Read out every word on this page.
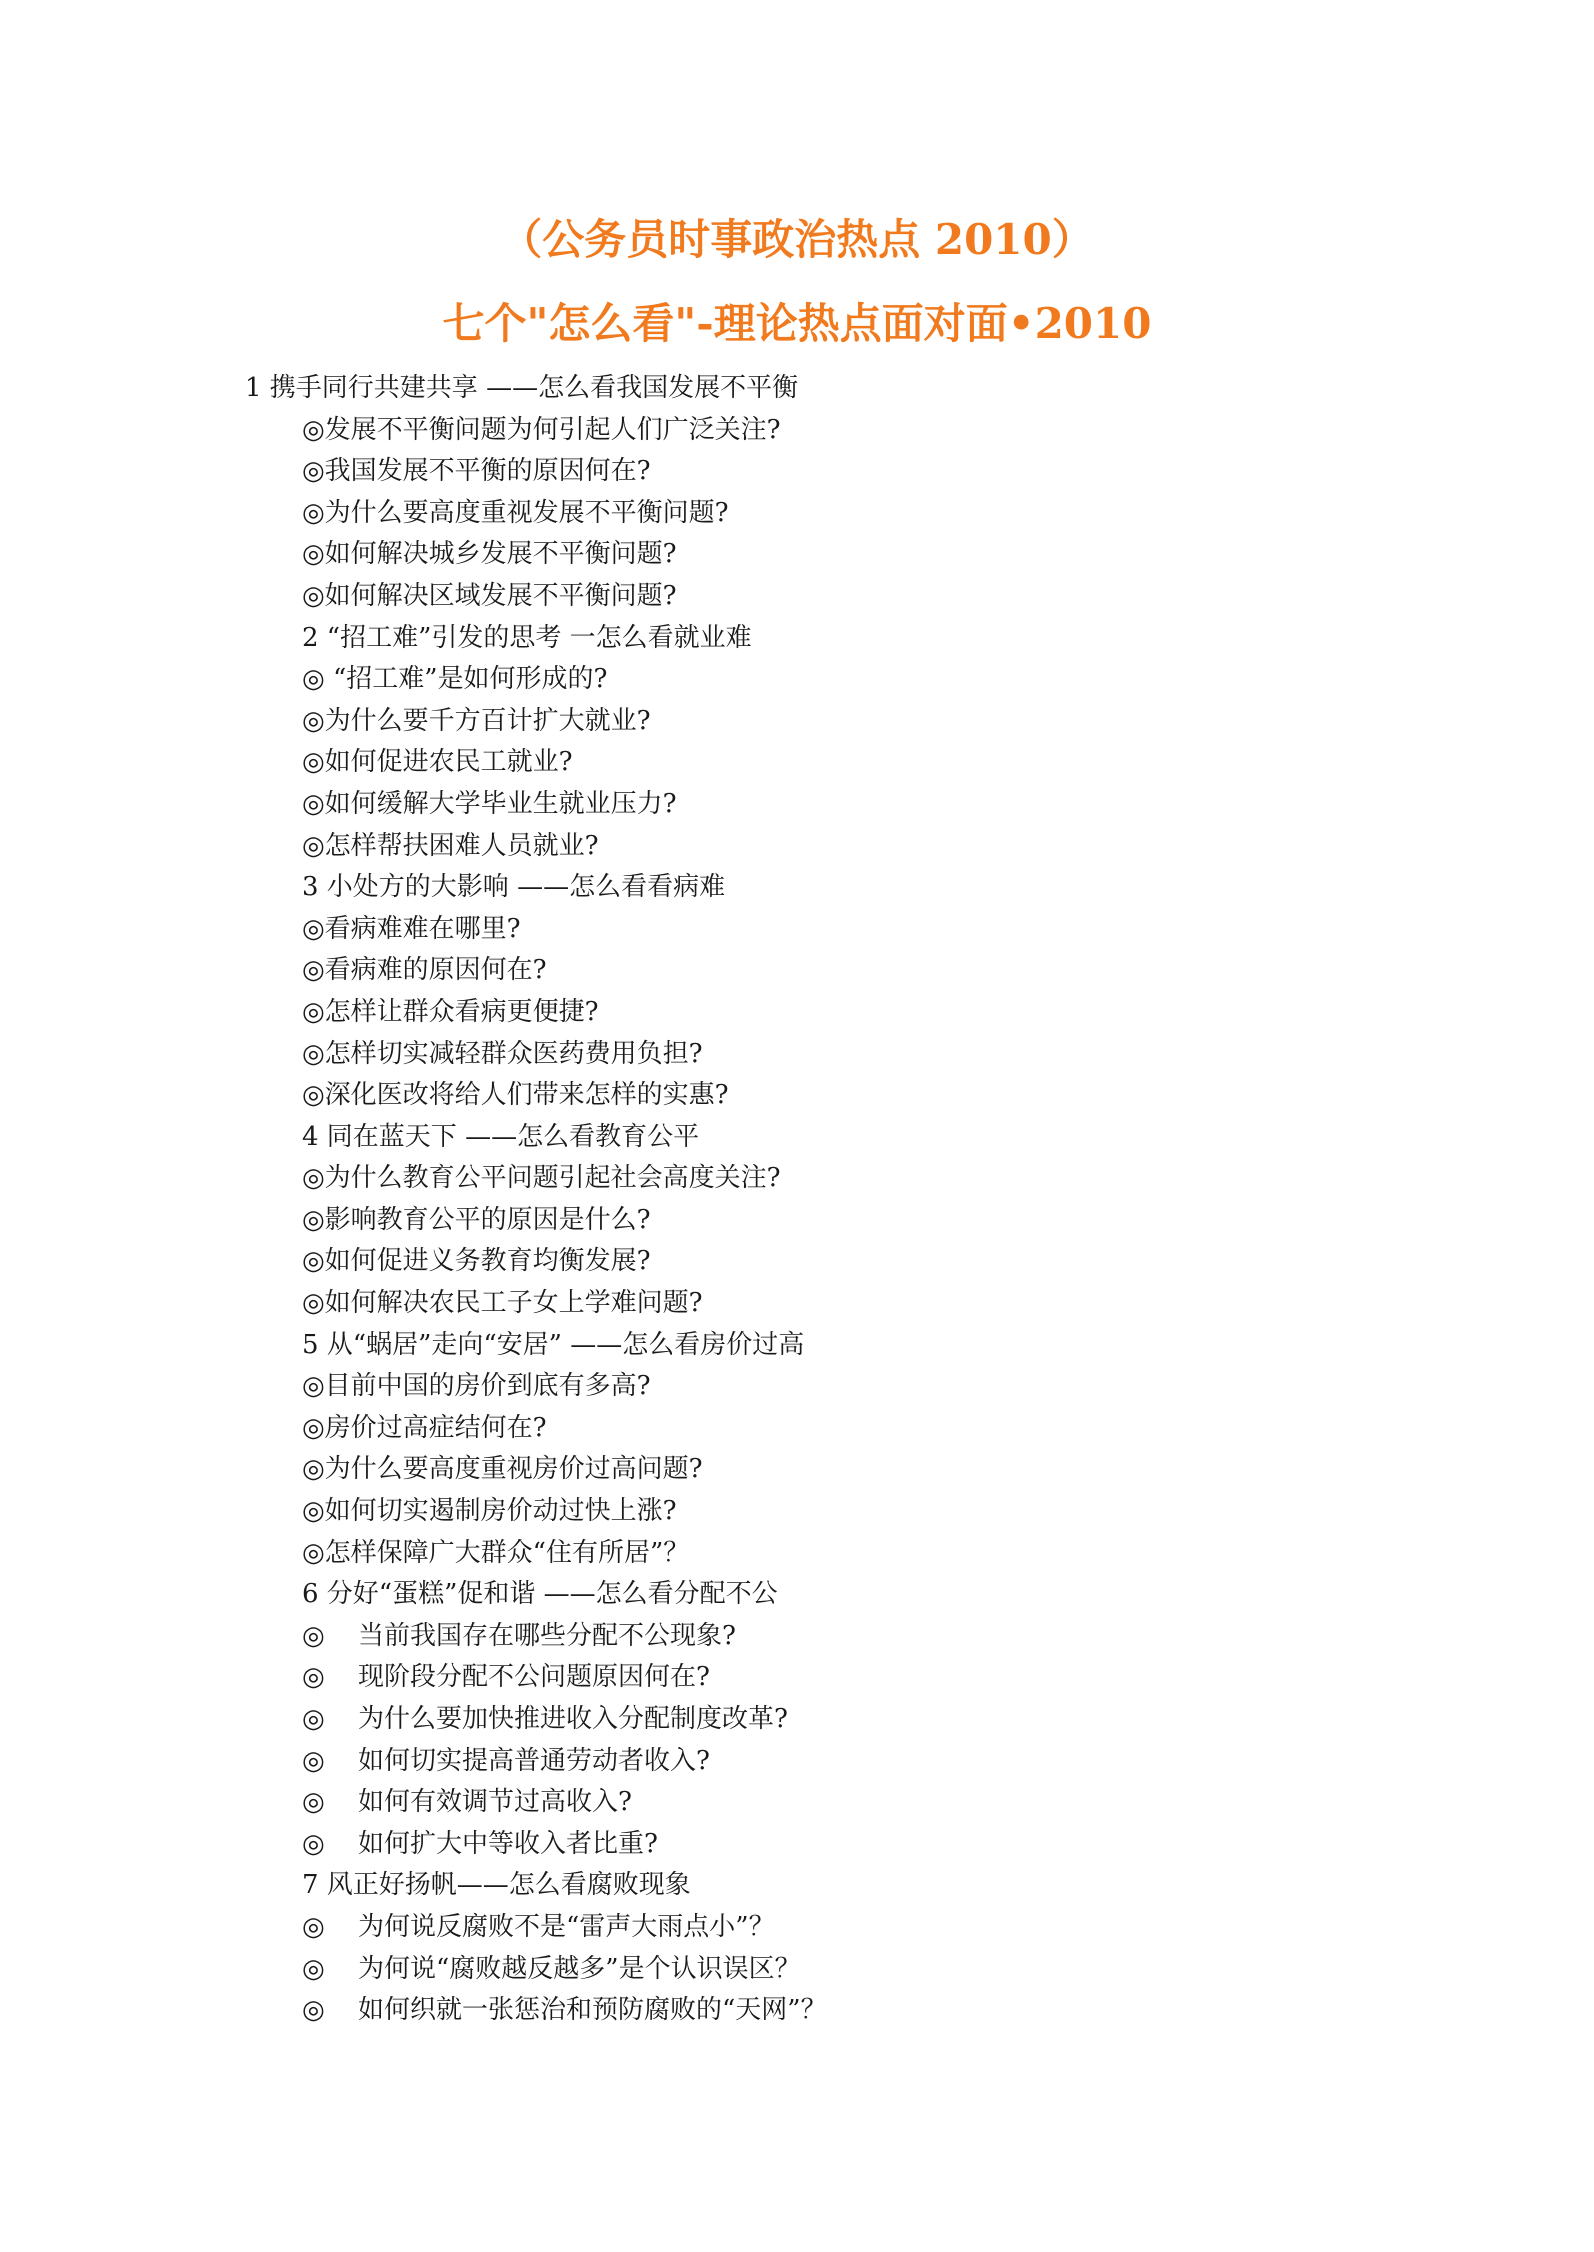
（公务员时事政治热点 2010）
七个"怎么看"-理论热点面对面•2010
1 携手同行共建共享 ——怎么看我国发展不平衡
◎发展不平衡问题为何引起人们广泛关注?
◎我国发展不平衡的原因何在?
◎为什么要高度重视发展不平衡问题?
◎如何解决城乡发展不平衡问题?
◎如何解决区域发展不平衡问题?
2 “招工难”引发的思考 一怎么看就业难
◎ “招工难”是如何形成的?
◎为什么要千方百计扩大就业?
◎如何促进农民工就业?
◎如何缓解大学毕业生就业压力?
◎怎样帮扶困难人员就业?
3 小处方的大影响 ——怎么看看病难
◎看病难难在哪里?
◎看病难的原因何在?
◎怎样让群众看病更便捷?
◎怎样切实减轻群众医药费用负担?
◎深化医改将给人们带来怎样的实惠?
4 同在蓝天下 ——怎么看教育公平
◎为什么教育公平问题引起社会高度关注?
◎影响教育公平的原因是什么?
◎如何促进义务教育均衡发展?
◎如何解决农民工子女上学难问题?
5 从“蜗居”走向“安居” ——怎么看房价过高
◎目前中国的房价到底有多高?
◎房价过高症结何在?
◎为什么要高度重视房价过高问题?
◎如何切实遏制房价动过快上涨?
◎怎样保障广大群众“住有所居”？
6 分好“蛋糕”促和谐 ——怎么看分配不公
◎ 当前我国存在哪些分配不公现象?
◎ 现阶段分配不公问题原因何在?
◎ 为什么要加快推进收入分配制度改革?
◎ 如何切实提高普通劳动者收入?
◎ 如何有效调节过高收入?
◎ 如何扩大中等收入者比重?
7 风正好扬帆——怎么看腐败现象
◎ 为何说反腐败不是“雷声大雨点小”？
◎ 为何说“腐败越反越多”是个认识误区？
◎ 如何织就一张惩治和预防腐败的“天网”？
